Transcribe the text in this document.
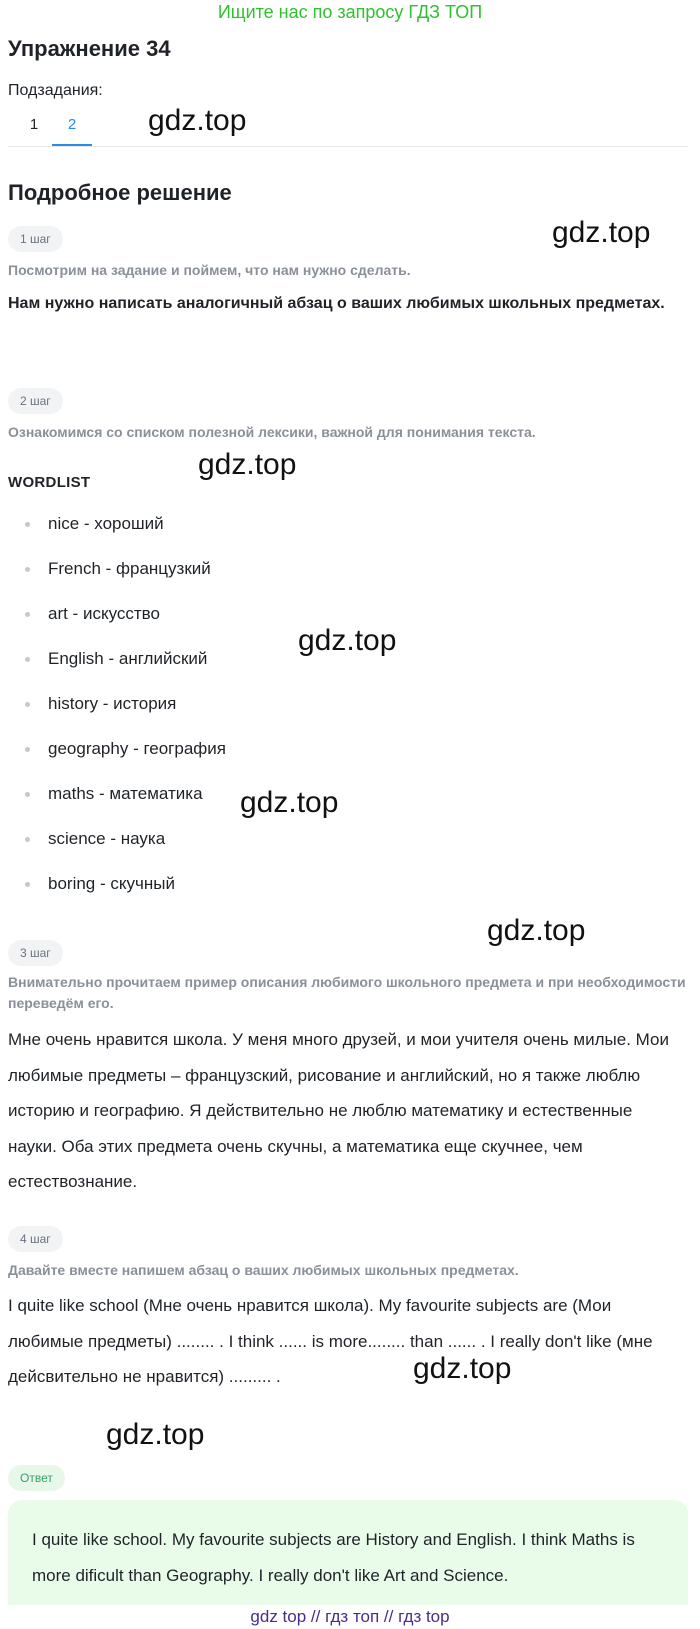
Ищите нас по запросу ГДЗ ТОП
Упражнение 34
Подзадания:
1	2	gdz.top
gdz.top
gdz.top
gdz.top
gdz.top
gdz.top
gdz.top
gdz.top
Подробное решение
1 шаг
Посмотрим на задание и поймем, что нам нужно сделать.
Нам нужно написать аналогичный абзац о ваших любимых школьных предметах.
2 шаг
Ознакомимся со списком полезной лексики, важной для понимания текста.
WORDLIST
nice - хороший
French - французкий
art - искусство
English - английский
history - история
geography - география
maths - математика
science - наука
boring - скучный
3 шаг
Внимательно прочитаем пример описания любимого школьного предмета и при необходимости переведём его.
Мне очень нравится школа. У меня много друзей, и мои учителя очень милые. Мои любимые предметы – французский, рисование и английский, но я также люблю историю и географию. Я действительно не люблю математику и естественные науки. Оба этих предмета очень скучны, а математика еще скучнее, чем естествознание.
4 шаг
Давайте вместе напишем абзац о ваших любимых школьных предметах.
I quite like school (Мне очень нравится школа). My favourite subjects are (Мои любимые предметы) ........ . I think ...... is more........ than ...... . I really don't like (мне дейсвительно не нравится) ......... .
Ответ
I quite like school. My favourite subjects are History and English. I think Maths is more dificult than Geography. I really don't like Art and Science.
gdz top // гдз топ // гдз top
